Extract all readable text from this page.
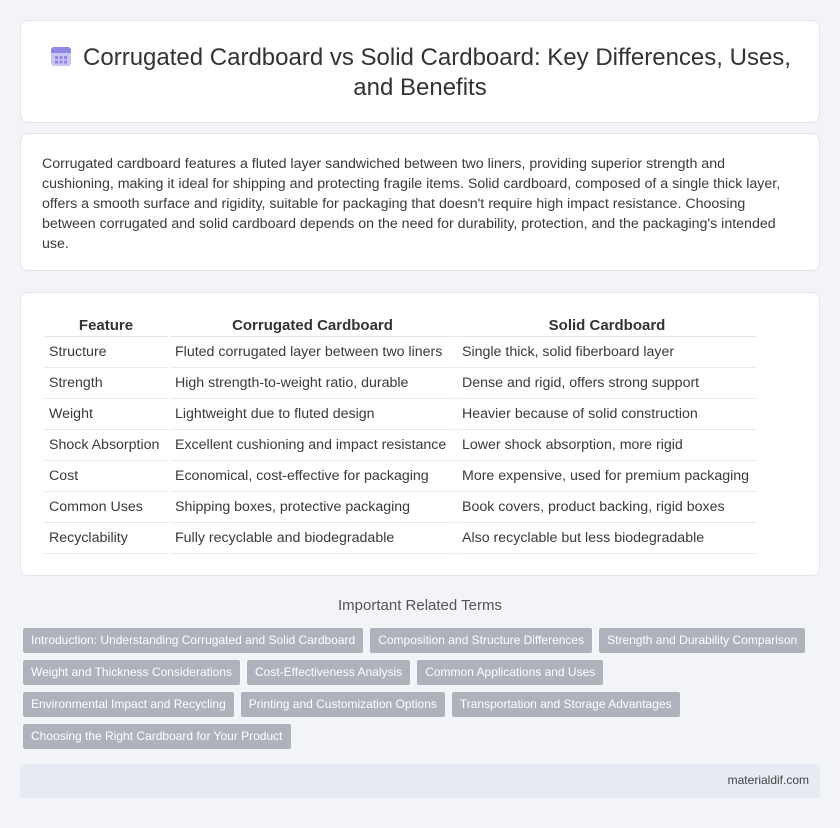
Corrugated Cardboard vs Solid Cardboard: Key Differences, Uses, and Benefits

Corrugated cardboard features a fluted layer sandwiched between two liners, providing superior strength and cushioning, making it ideal for shipping and protecting fragile items. Solid cardboard, composed of a single thick layer, offers a smooth surface and rigidity, suitable for packaging that doesn't require high impact resistance. Choosing between corrugated and solid cardboard depends on the need for durability, protection, and the packaging's intended use.

Feature	Corrugated Cardboard	Solid Cardboard
Structure	Fluted corrugated layer between two liners	Single thick, solid fiberboard layer
Strength	High strength-to-weight ratio, durable	Dense and rigid, offers strong support
Weight	Lightweight due to fluted design	Heavier because of solid construction
Shock Absorption	Excellent cushioning and impact resistance	Lower shock absorption, more rigid
Cost	Economical, cost-effective for packaging	More expensive, used for premium packaging
Common Uses	Shipping boxes, protective packaging	Book covers, product backing, rigid boxes
Recyclability	Fully recyclable and biodegradable	Also recyclable but less biodegradable
Important Related Terms
Introduction: Understanding Corrugated and Solid Cardboard	Composition and Structure Differences	Strength and Durability Comparison
Weight and Thickness Considerations	Cost-Effectiveness Analysis	Common Applications and Uses
Environmental Impact and Recycling	Printing and Customization Options	Transportation and Storage Advantages
Choosing the Right Cardboard for Your Product
materialdif.com
